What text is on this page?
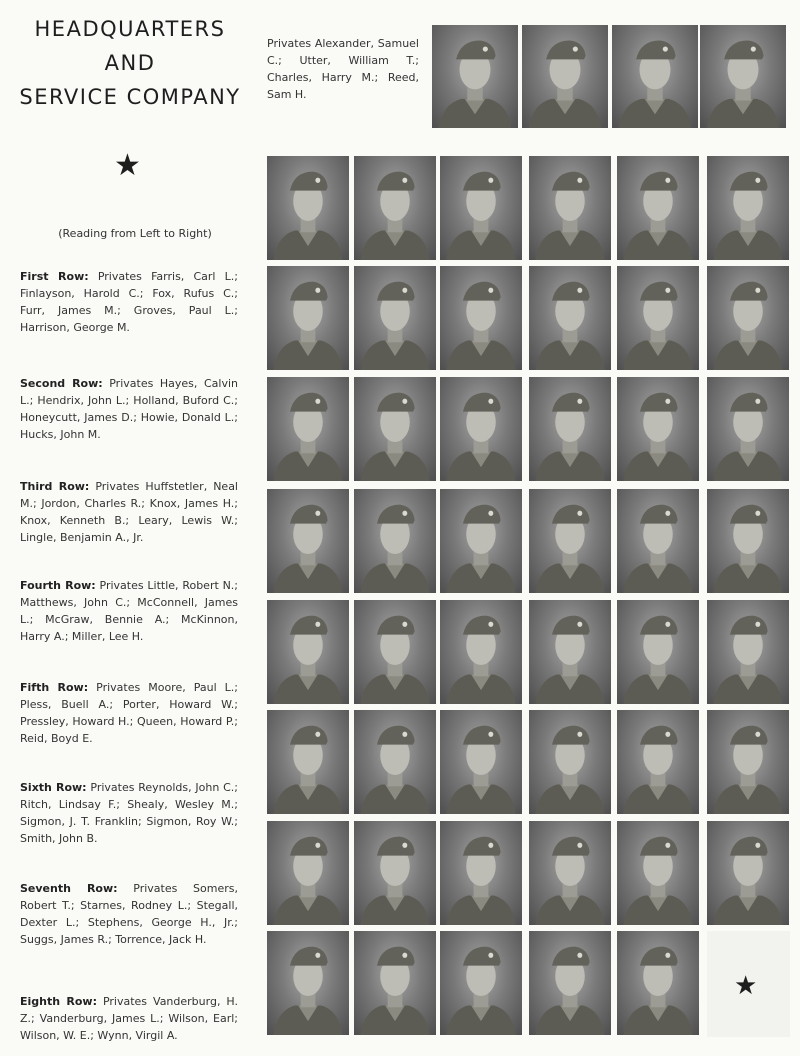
HEADQUARTERS
AND
SERVICE COMPANY
Privates Alexander, Samuel C.; Utter, William T.; Charles, Harry M.; Reed, Sam H.
★
(Reading from Left to Right)
First Row: Privates Farris, Carl L.; Finlayson, Harold C.; Fox, Rufus C.; Furr, James M.; Groves, Paul L.; Harrison, George M.
Second Row: Privates Hayes, Calvin L.; Hendrix, John L.; Holland, Buford C.; Honeycutt, James D.; Howie, Donald L.; Hucks, John M.
Third Row: Privates Huffstetler, Neal M.; Jordon, Charles R.; Knox, James H.; Knox, Kenneth B.; Leary, Lewis W.; Lingle, Benjamin A., Jr.
Fourth Row: Privates Little, Robert N.; Matthews, John C.; McConnell, James L.; McGraw, Bennie A.; McKinnon, Harry A.; Miller, Lee H.
Fifth Row: Privates Moore, Paul L.; Pless, Buell A.; Porter, Howard W.; Pressley, Howard H.; Queen, Howard P.; Reid, Boyd E.
Sixth Row: Privates Reynolds, John C.; Ritch, Lindsay F.; Shealy, Wesley M.; Sigmon, J. T. Franklin; Sigmon, Roy W.; Smith, John B.
Seventh Row: Privates Somers, Robert T.; Starnes, Rodney L.; Stegall, Dexter L.; Stephens, George H., Jr.; Suggs, James R.; Torrence, Jack H.
Eighth Row: Privates Vanderburg, H. Z.; Vanderburg, James L.; Wilson, Earl; Wilson, W. E.; Wynn, Virgil A.
★
